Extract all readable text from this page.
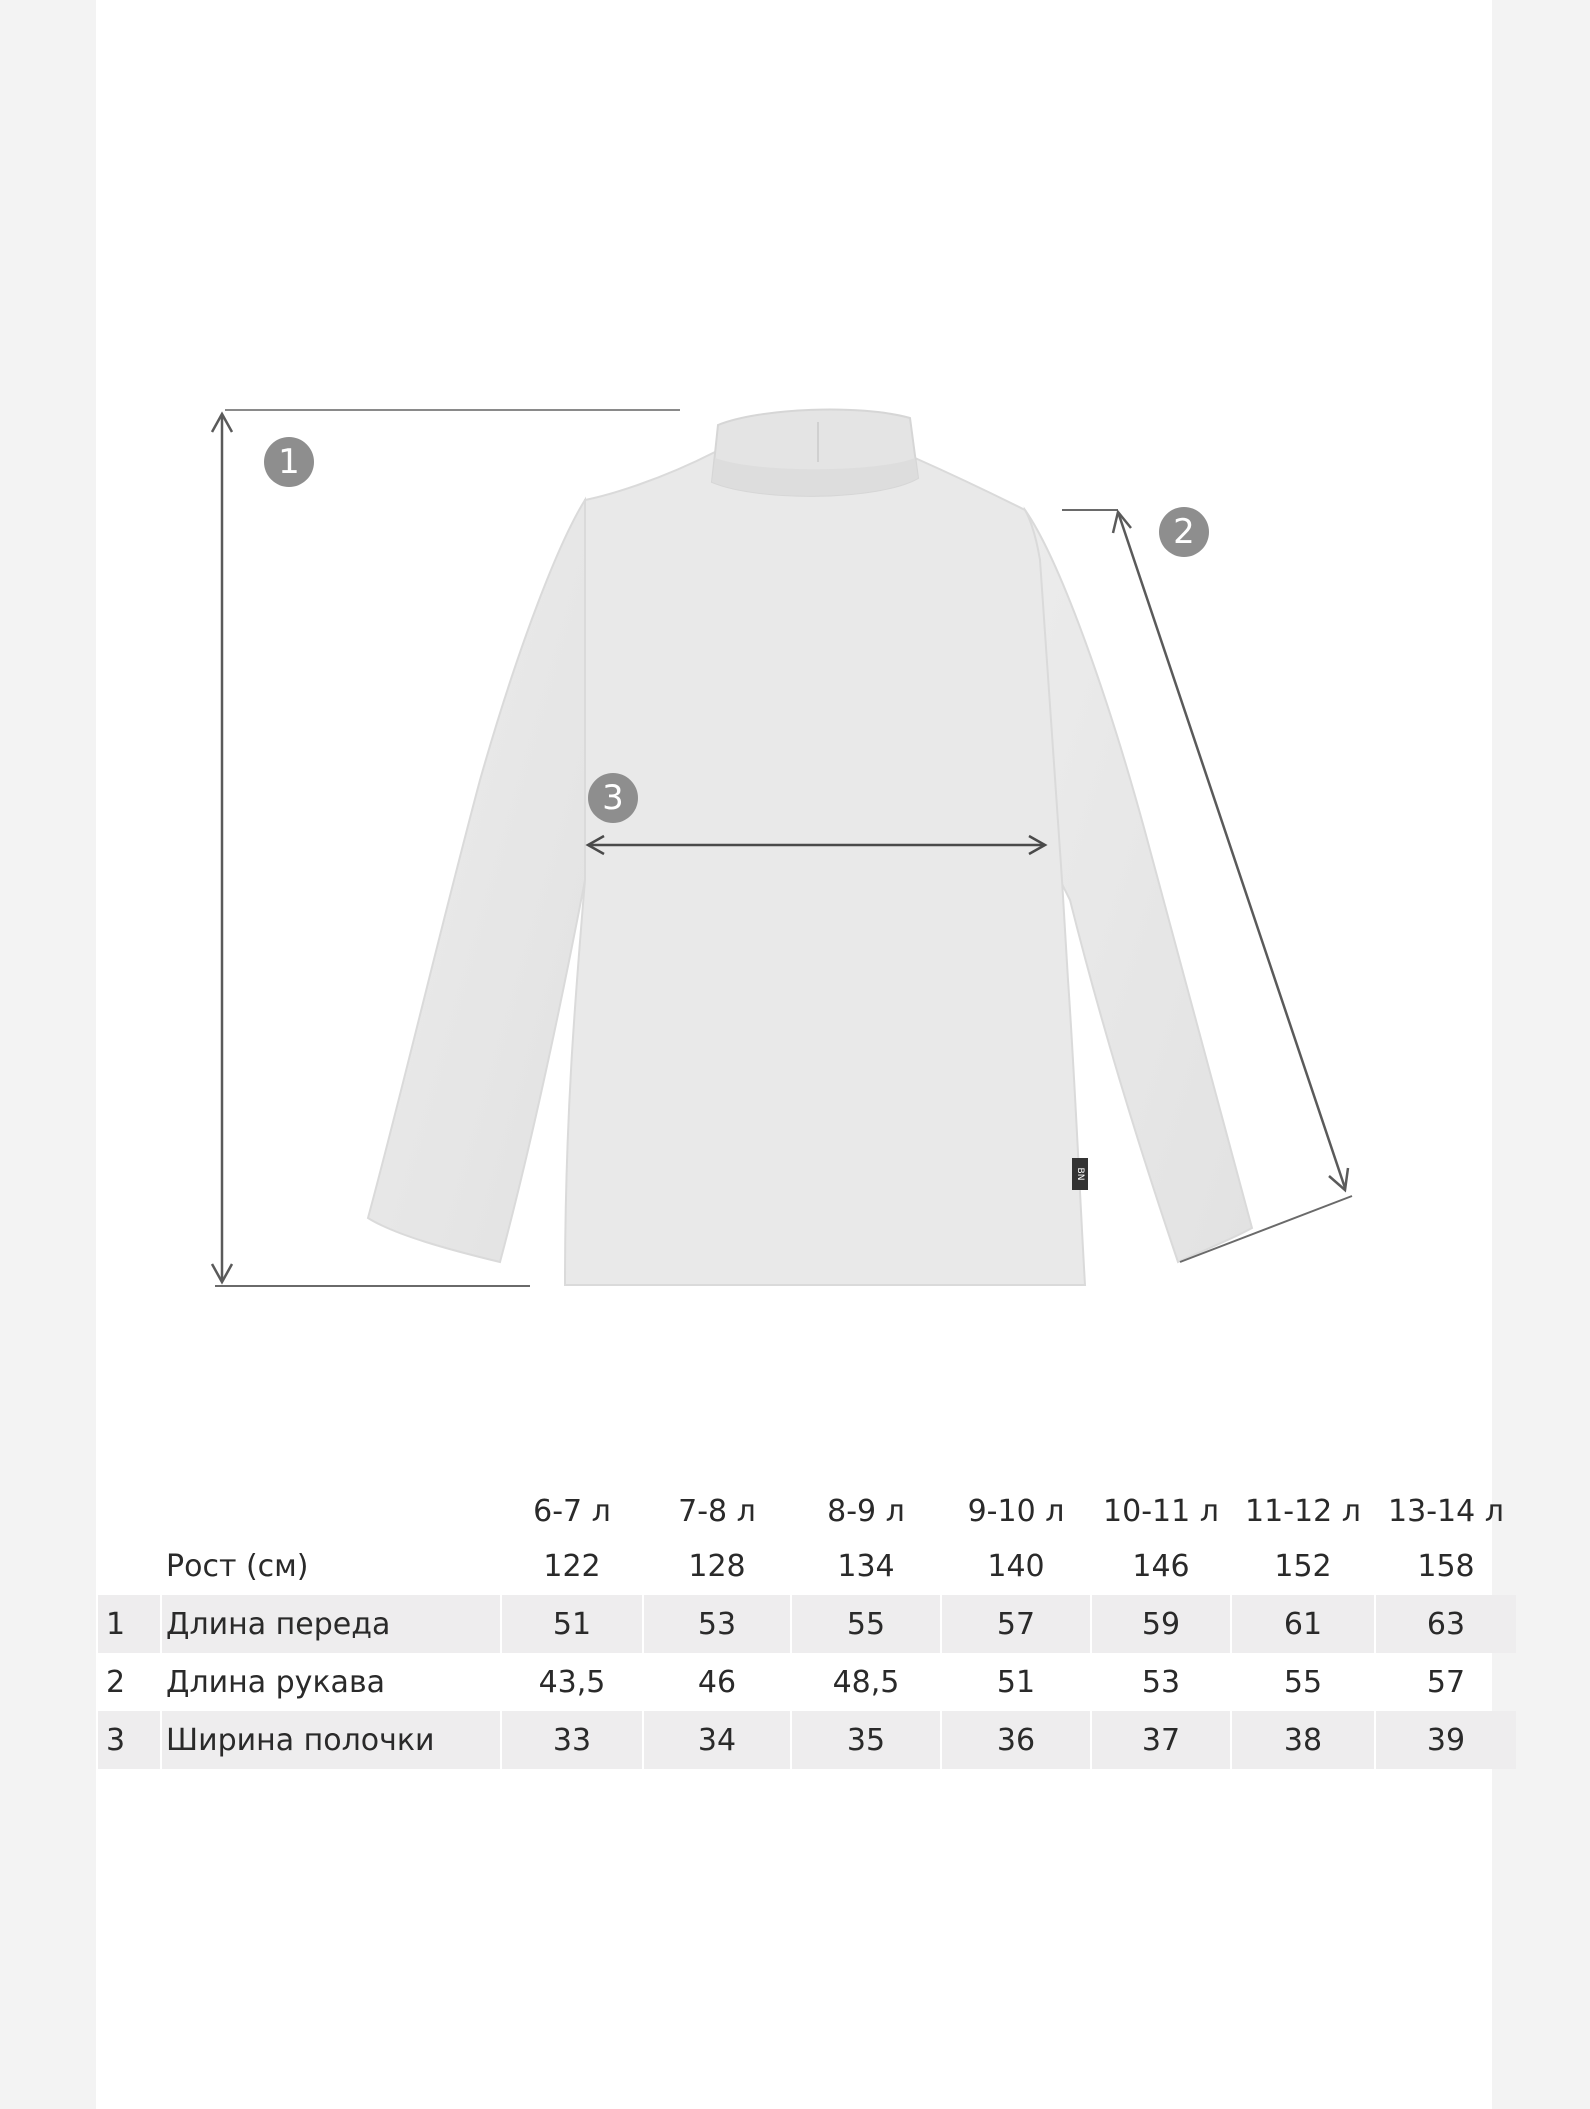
BN
1
2
3
		6-7 л	7-8 л	8-9 л	9-10 л	10-11 л	11-12 л	13-14 л
	Рост (см)	122	128	134	140	146	152	158
1	Длина переда	51	53	55	57	59	61	63
2	Длина рукава	43,5	46	48,5	51	53	55	57
3	Ширина полочки	33	34	35	36	37	38	39
